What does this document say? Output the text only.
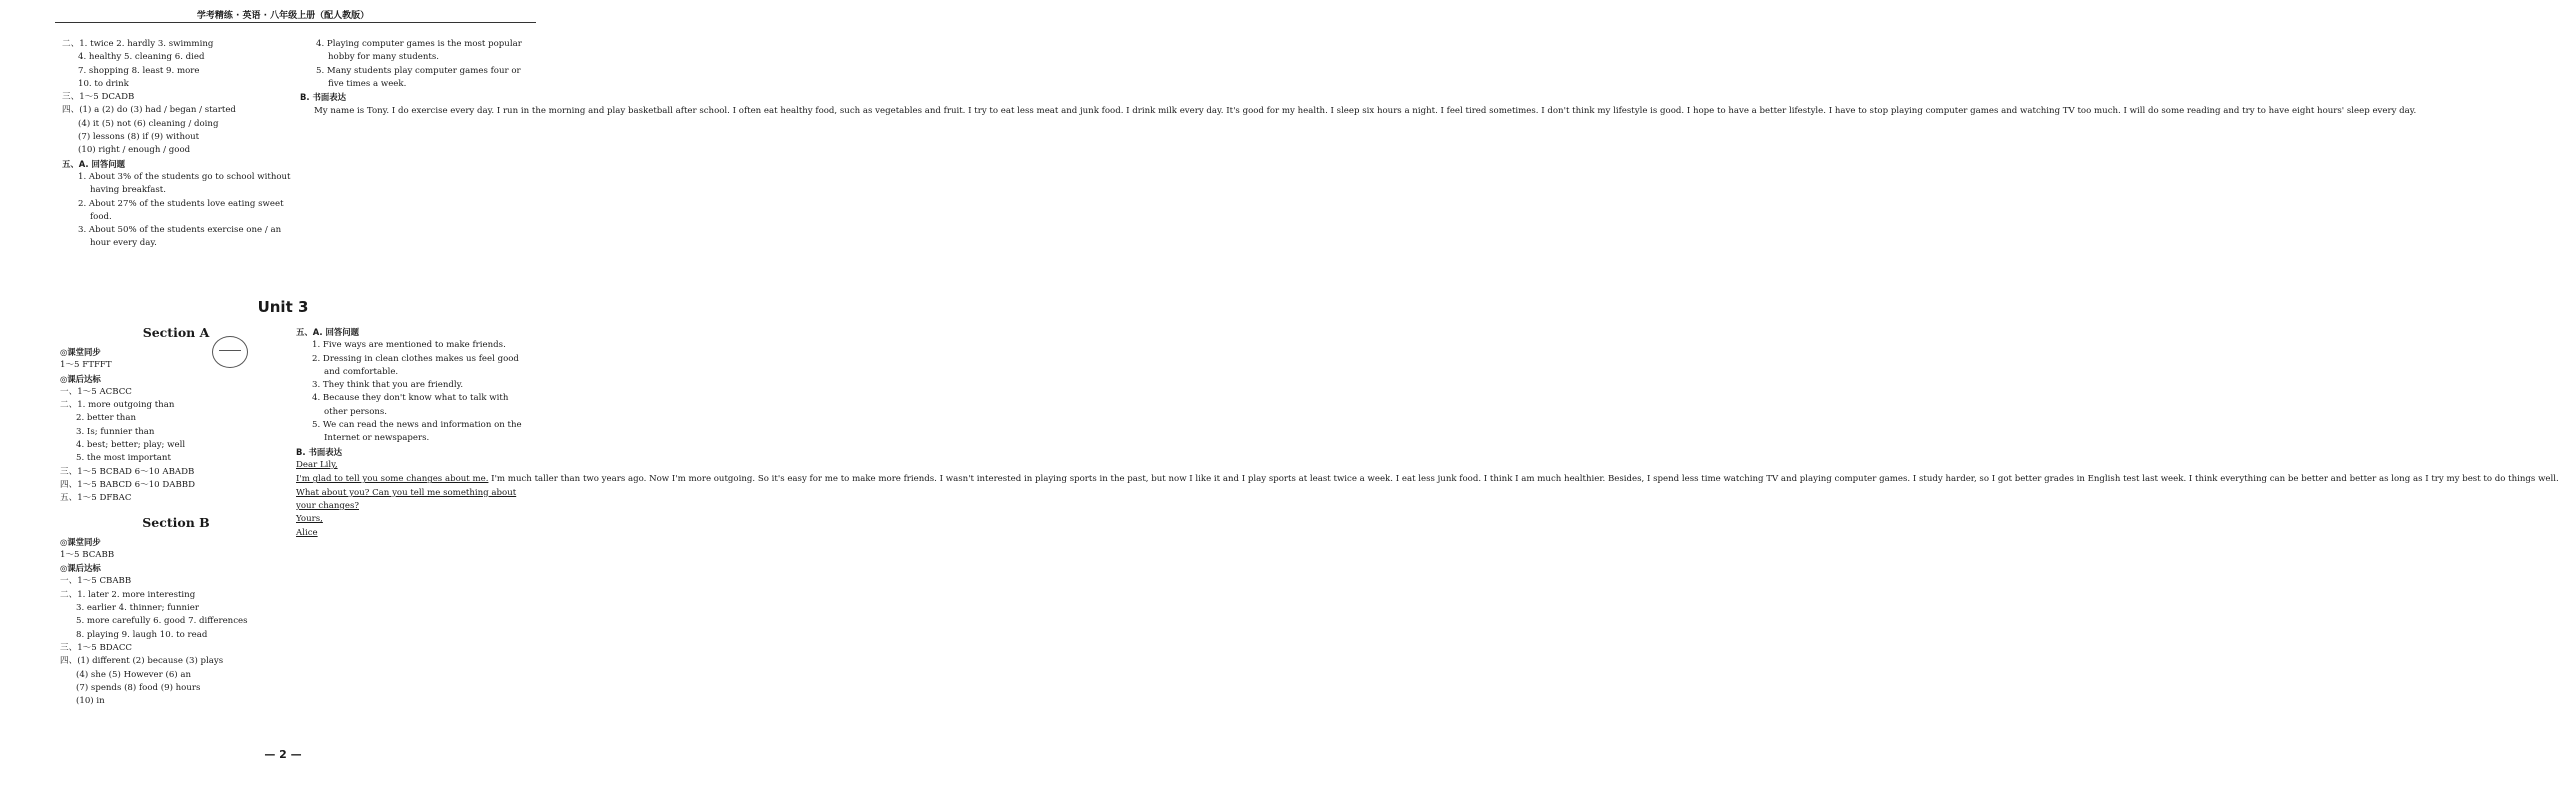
学考精练 · 英语 · 八年级上册（配人教版）

二、1. twice 2. hardly 3. swimming

4. healthy 5. cleaning 6. died

7. shopping 8. least 9. more

10. to drink

三、1～5 DCADB

四、(1) a (2) do (3) had / began / started

(4) it (5) not (6) cleaning / doing

(7) lessons (8) if (9) without

(10) right / enough / good

五、A. 回答问题

1. About 3% of the students go to school without

having breakfast.

2. About 27% of the students love eating sweet

food.

3. About 50% of the students exercise one / an

hour every day.

4. Playing computer games is the most popular

hobby for many students.

5. Many students play computer games four or

five times a week.

B. 书面表达

My name is Tony. I do exercise every day. I run in the morning and play basketball after school. I often eat healthy food, such as vegetables and fruit. I try to eat less meat and junk food. I drink milk every day. It's good for my health. I sleep six hours a night. I feel tired sometimes. I don't think my lifestyle is good. I hope to have a better lifestyle. I have to stop playing computer games and watching TV too much. I will do some reading and try to have eight hours' sleep every day.

Unit 3
Section A

◎课堂同步

1～5 FTFFT

◎课后达标

一、1～5 ACBCC

二、1. more outgoing than

2. better than

3. Is; funnier than

4. best; better; play; well

5. the most important

三、1～5 BCBAD 6～10 ABADB

四、1～5 BABCD 6～10 DABBD

五、1～5 DFBAC

Section B

◎课堂同步

1～5 BCABB

◎课后达标

一、1～5 CBABB

二、1. later 2. more interesting

3. earlier 4. thinner; funnier

5. more carefully 6. good 7. differences

8. playing 9. laugh 10. to read

三、1～5 BDACC

四、(1) different (2) because (3) plays

(4) she (5) However (6) an

(7) spends (8) food (9) hours

(10) in

五、A. 回答问题

1. Five ways are mentioned to make friends.

2. Dressing in clean clothes makes us feel good

and comfortable.

3. They think that you are friendly.

4. Because they don't know what to talk with

other persons.

5. We can read the news and information on the

Internet or newspapers.

B. 书面表达

Dear Lily,

I'm glad to tell you some changes about me. I'm much taller than two years ago. Now I'm more outgoing. So it's easy for me to make more friends. I wasn't interested in playing sports in the past, but now I like it and I play sports at least twice a week. I eat less junk food. I think I am much healthier. Besides, I spend less time watching TV and playing computer games. I study harder, so I got better grades in English test last week. I think everything can be better and better as long as I try my best to do things well.

What about you? Can you tell me something about your changes?

Yours,

Alice

— 2 —
